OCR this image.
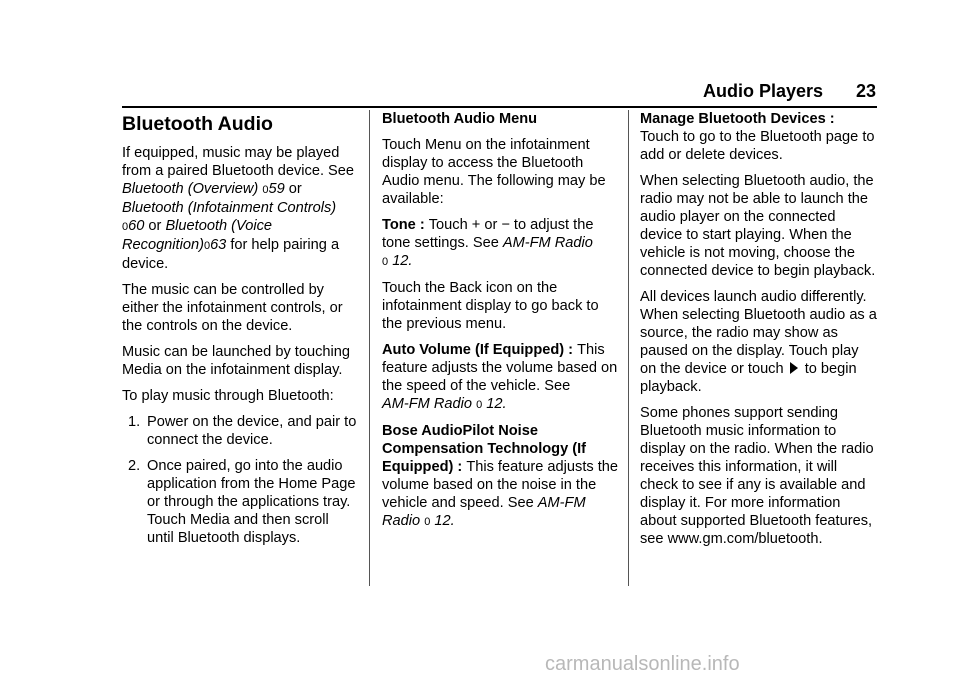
Audio Players 23
Bluetooth Audio

If equipped, music may be played from a paired Bluetooth device. See Bluetooth (Overview) 059 or Bluetooth (Infotainment Controls)
060 or Bluetooth (Voice Recognition)063 for help pairing a device.

The music can be controlled by either the infotainment controls, or the controls on the device.

Music can be launched by touching Media on the infotainment display.

To play music through Bluetooth:

1. Power on the device, and pair to connect the device.
2. Once paired, go into the audio application from the Home Page or through the applications tray. Touch Media and then scroll until Bluetooth displays.

Bluetooth Audio Menu

Touch Menu on the infotainment display to access the Bluetooth Audio menu. The following may be available:

Tone : Touch + or − to adjust the tone settings. See AM-FM Radio
0 12.

Touch the Back icon on the infotainment display to go back to the previous menu.

Auto Volume (If Equipped) : This feature adjusts the volume based on the speed of the vehicle. See
AM-FM Radio 0 12.

Bose AudioPilot Noise Compensation Technology (If Equipped) : This feature adjusts the volume based on the noise in the vehicle and speed. See AM-FM Radio 0 12.

Manage Bluetooth Devices :
Touch to go to the Bluetooth page to add or delete devices.

When selecting Bluetooth audio, the radio may not be able to launch the audio player on the connected device to start playing. When the vehicle is not moving, choose the connected device to begin playback.

All devices launch audio differently. When selecting Bluetooth audio as a source, the radio may show as paused on the display. Touch play on the device or touch  to begin playback.

Some phones support sending Bluetooth music information to display on the radio. When the radio receives this information, it will check to see if any is available and display it. For more information about supported Bluetooth features, see www.gm.com/bluetooth.

carmanualsonline.info
